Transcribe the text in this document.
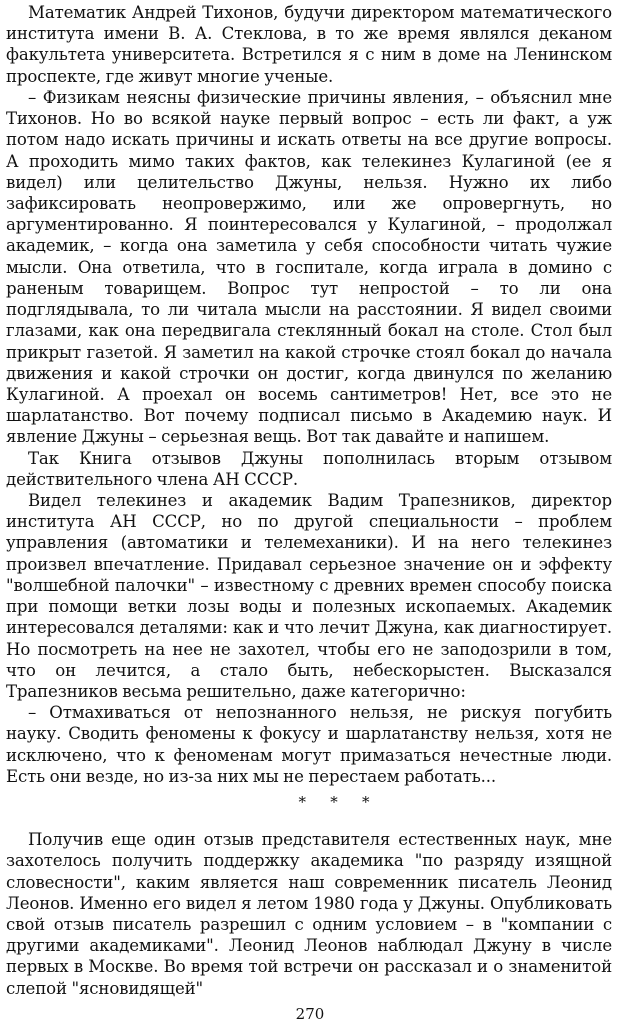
Математик Андрей Тихонов, будучи директором математического института имени В. А. Стеклова, в то же время являлся деканом факультета университета. Встретился я с ним в доме на Ленинском проспекте, где живут многие ученые.

– Физикам неясны физические причины явления, – объяснил мне Тихонов. Но во всякой науке первый вопрос – есть ли факт, а уж потом надо искать причины и искать ответы на все другие вопросы. А проходить мимо таких фактов, как телекинез Кулагиной (ее я видел) или целительство Джуны, нельзя. Нужно их либо зафиксировать неопровержимо, или же опровергнуть, но аргументированно. Я поинтересовался у Кулагиной, – продолжал академик, – когда она заметила у себя способности читать чужие мысли. Она ответила, что в госпитале, когда играла в домино с раненым товарищем. Вопрос тут непростой – то ли она подглядывала, то ли читала мысли на расстоянии. Я видел своими глазами, как она передвигала стеклянный бокал на столе. Стол был прикрыт газетой. Я заметил на какой строчке стоял бокал до начала движения и какой строчки он достиг, когда двинулся по желанию Кулагиной. А проехал он восемь сантиметров! Нет, все это не шарлатанство. Вот почему подписал письмо в Академию наук. И явление Джуны – серьезная вещь. Вот так давайте и напишем.

Так Книга отзывов Джуны пополнилась вторым отзывом действительного члена АН СССР.

Видел телекинез и академик Вадим Трапезников, директор института АН СССР, но по другой специальности – проблем управления (автоматики и телемеханики). И на него телекинез произвел впечатление. Придавал серьезное значение он и эффекту "волшебной палочки" – известному с древних времен способу поиска при помощи ветки лозы воды и полезных ископаемых. Академик интересовался деталями: как и что лечит Джуна, как диагностирует. Но посмотреть на нее не захотел, чтобы его не заподозрили в том, что он лечится, а стало быть, небескорыстен. Высказался Трапезников весьма решительно, даже категорично:

– Отмахиваться от непознанного нельзя, не рискуя погубить науку. Сводить феномены к фокусу и шарлатанству нельзя, хотя не исключено, что к феноменам могут примазаться нечестные люди. Есть они везде, но из-за них мы не перестаем работать...

* * *

Получив еще один отзыв представителя естественных наук, мне захотелось получить поддержку академика "по разряду изящной словесности", каким является наш современник писатель Леонид Леонов. Именно его видел я летом 1980 года у Джуны. Опубликовать свой отзыв писатель разрешил с одним условием – в "компании с другими академиками". Леонид Леонов наблюдал Джуну в числе первых в Москве. Во время той встречи он рассказал и о знаменитой слепой "ясновидящей"

270
